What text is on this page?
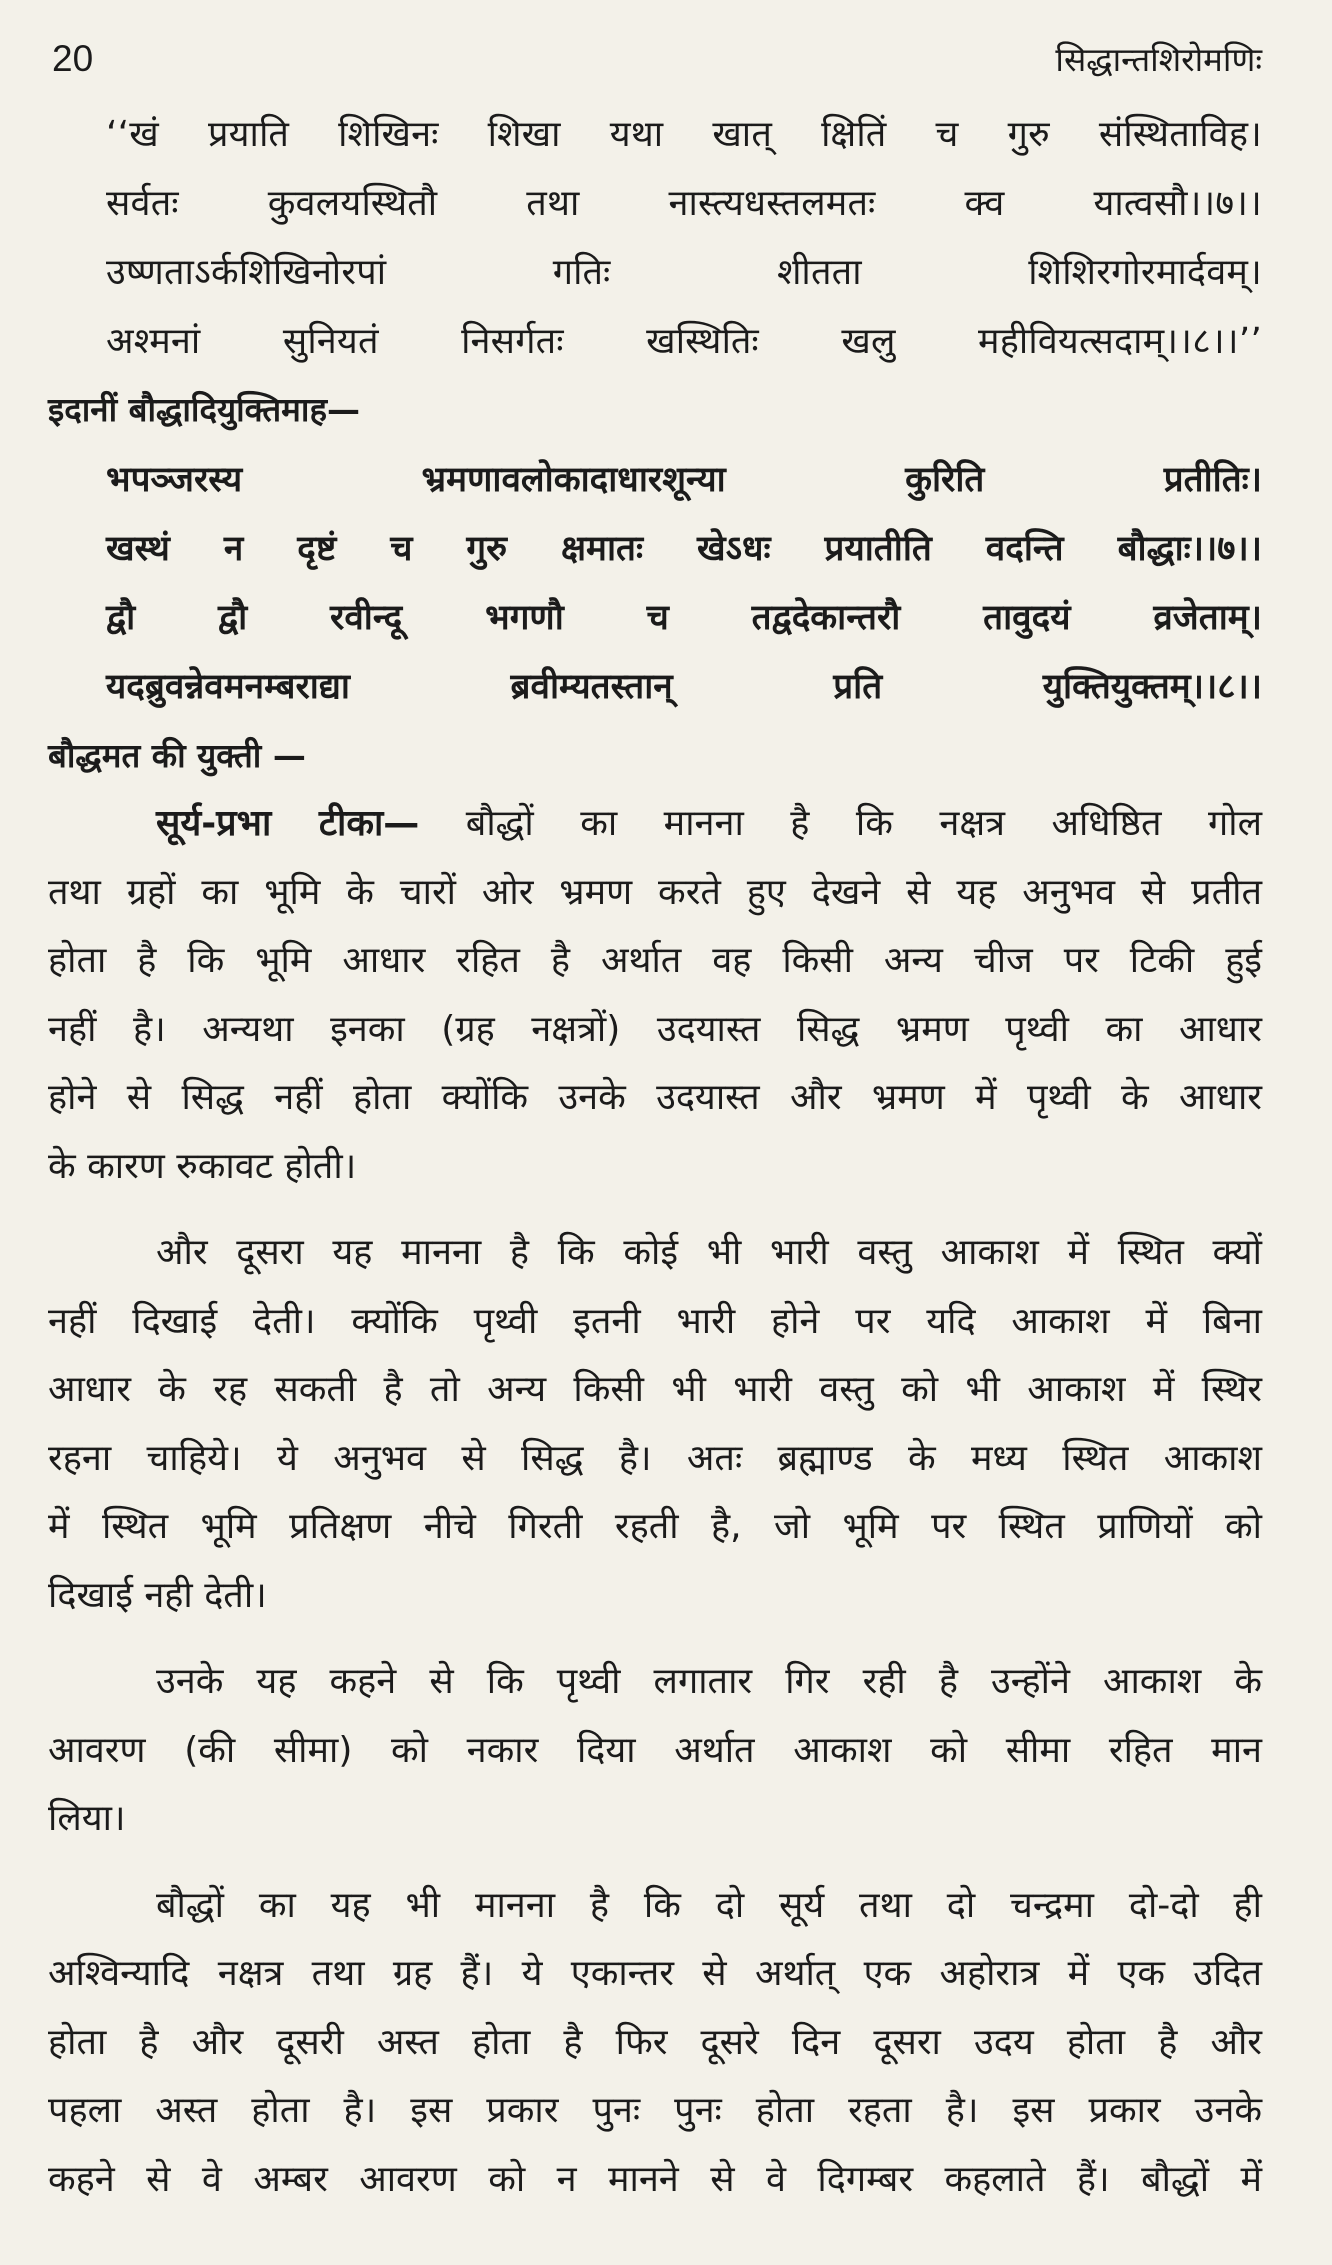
20	सिद्धान्तशिरोमणिः
‘‘खं प्रयाति शिखिनः शिखा यथा खात् क्षितिं च गुरु संस्थिताविह।
सर्वतः कुवलयस्थितौ तथा नास्त्यधस्तलमतः क्व यात्वसौ।।७।।
उष्णताऽर्कशिखिनोरपां गतिः शीतता शिशिरगोरमार्दवम्।
अश्मनां सुनियतं निसर्गतः खस्थितिः खलु महीवियत्सदाम्।।८।।’’
इदानीं बौद्धादियुक्तिमाह—
भपञ्जरस्य भ्रमणावलोकादाधारशून्या कुरिति प्रतीतिः।
खस्थं न दृष्टं च गुरु क्षमातः खेऽधः प्रयातीति वदन्ति बौद्धाः।।७।।
द्वौ द्वौ रवीन्दू भगणौ च तद्वदेकान्तरौ तावुदयं व्रजेताम्।
यदब्रुवन्नेवमनम्बराद्या ब्रवीम्यतस्तान् प्रति युक्तियुक्तम्।।८।।
बौद्धमत की युक्ती —
सूर्य-प्रभा टीका— बौद्धों का मानना है कि नक्षत्र अधिष्ठित गोल
तथा ग्रहों का भूमि के चारों ओर भ्रमण करते हुए देखने से यह अनुभव से प्रतीत
होता है कि भूमि आधार रहित है अर्थात वह किसी अन्य चीज पर टिकी हुई
नहीं है। अन्यथा इनका (ग्रह नक्षत्रों) उदयास्त सिद्ध भ्रमण पृथ्वी का आधार
होने से सिद्ध नहीं होता क्योंकि उनके उदयास्त और भ्रमण में पृथ्वी के आधार
के कारण रुकावट होती।
और दूसरा यह मानना है कि कोई भी भारी वस्तु आकाश में स्थित क्यों
नहीं दिखाई देती। क्योंकि पृथ्वी इतनी भारी होने पर यदि आकाश में बिना
आधार के रह सकती है तो अन्य किसी भी भारी वस्तु को भी आकाश में स्थिर
रहना चाहिये। ये अनुभव से सिद्ध है। अतः ब्रह्माण्ड के मध्य स्थित आकाश
में स्थित भूमि प्रतिक्षण नीचे गिरती रहती है, जो भूमि पर स्थित प्राणियों को
दिखाई नही देती।
उनके यह कहने से कि पृथ्वी लगातार गिर रही है उन्होंने आकाश के
आवरण (की सीमा) को नकार दिया अर्थात आकाश को सीमा रहित मान
लिया।
बौद्धों का यह भी मानना है कि दो सूर्य तथा दो चन्द्रमा दो-दो ही
अश्विन्यादि नक्षत्र तथा ग्रह हैं। ये एकान्तर से अर्थात् एक अहोरात्र में एक उदित
होता है और दूसरी अस्त होता है फिर दूसरे दिन दूसरा उदय होता है और
पहला अस्त होता है। इस प्रकार पुनः पुनः होता रहता है। इस प्रकार उनके
कहने से वे अम्बर आवरण को न मानने से वे दिगम्बर कहलाते हैं। बौद्धों में
